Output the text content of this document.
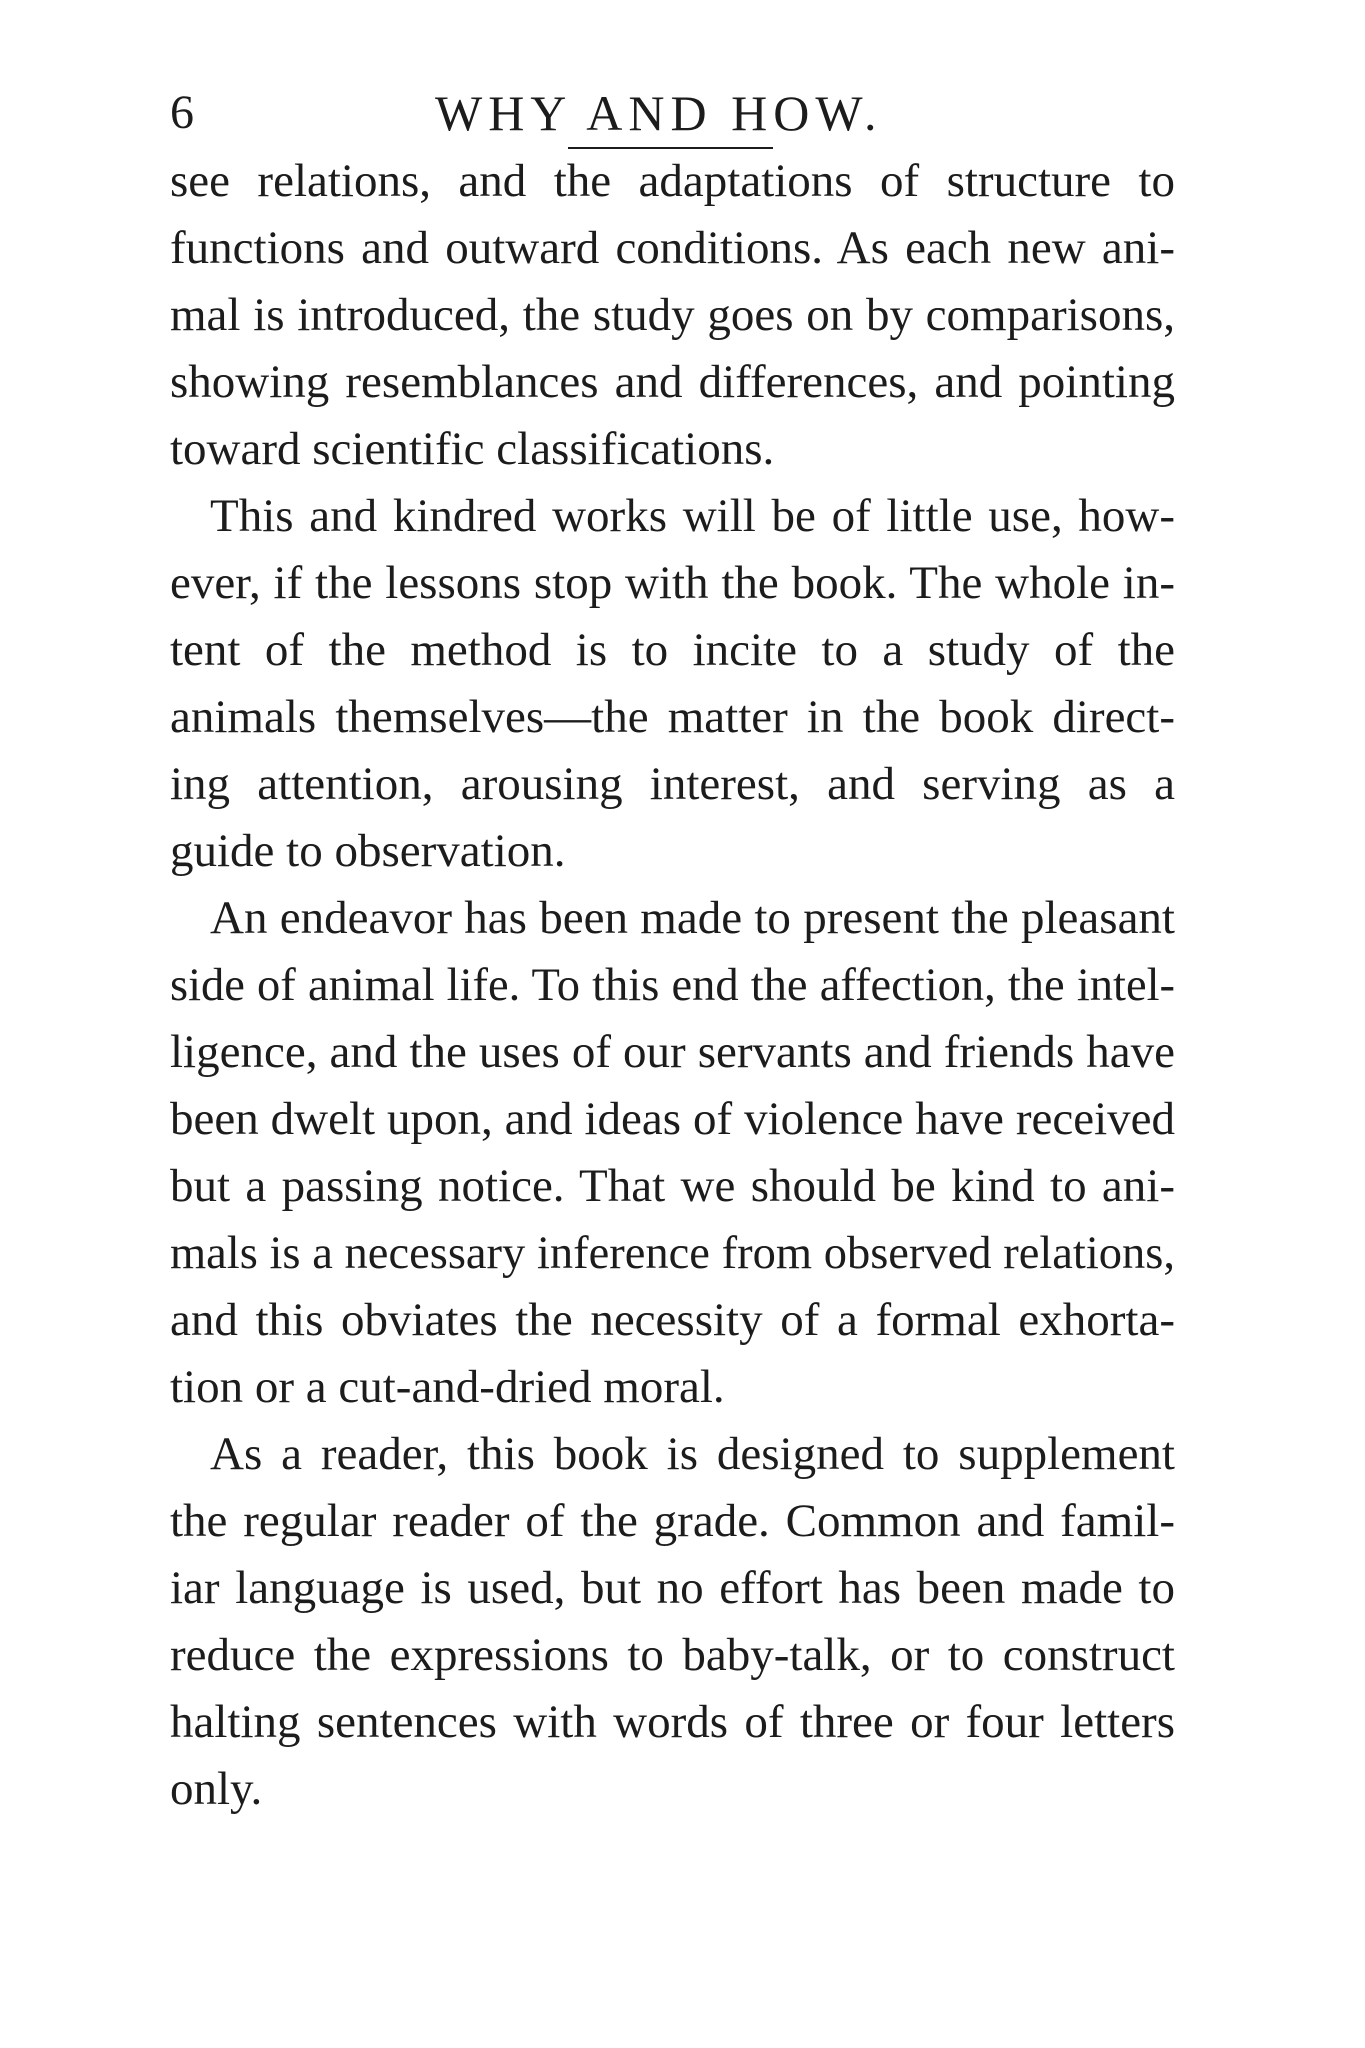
6	WHY AND HOW.
see relations, and the adaptations of structure to
functions and outward conditions. As each new ani-
mal is introduced, the study goes on by comparisons,
showing resemblances and differences, and pointing
toward scientific classifications.
This and kindred works will be of little use, how-
ever, if the lessons stop with the book. The whole in-
tent of the method is to incite to a study of the
animals themselves—the matter in the book direct-
ing attention, arousing interest, and serving as a
guide to observation.
An endeavor has been made to present the pleasant
side of animal life. To this end the affection, the intel-
ligence, and the uses of our servants and friends have
been dwelt upon, and ideas of violence have received
but a passing notice. That we should be kind to ani-
mals is a necessary inference from observed relations,
and this obviates the necessity of a formal exhorta-
tion or a cut-and-dried moral.
As a reader, this book is designed to supplement
the regular reader of the grade. Common and famil-
iar language is used, but no effort has been made to
reduce the expressions to baby-talk, or to construct
halting sentences with words of three or four letters
only.
